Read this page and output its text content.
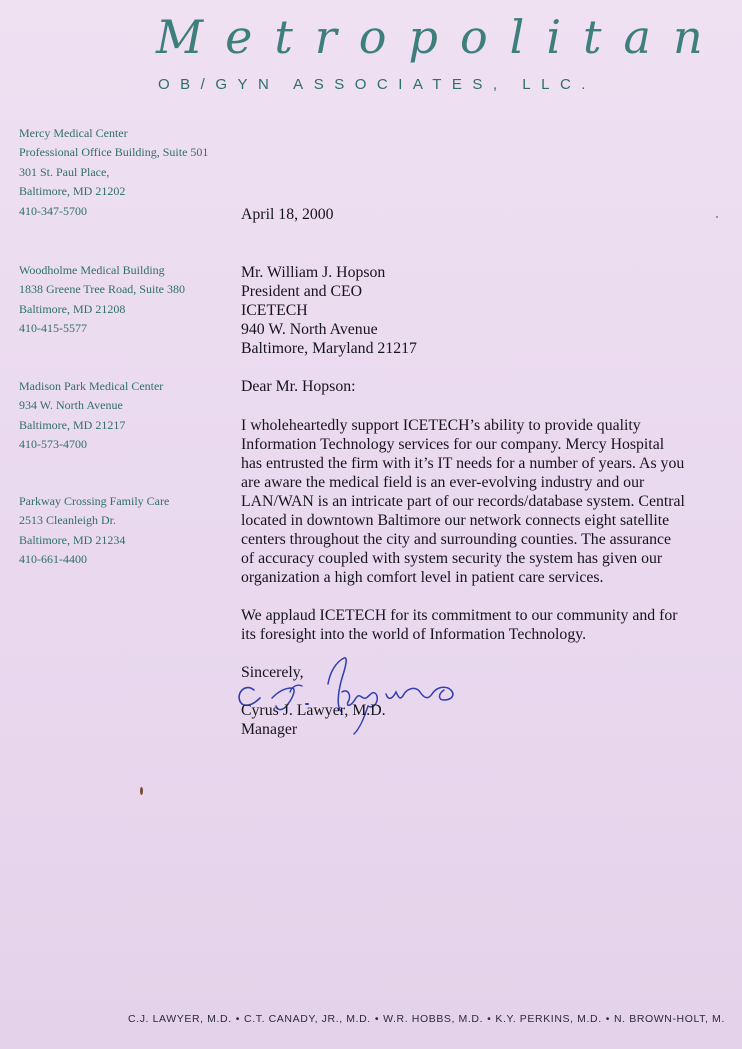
Metropolitan
OB/GYN ASSOCIATES, LLC.
Mercy Medical Center
Professional Office Building, Suite 501
301 St. Paul Place,
Baltimore, MD 21202
410-347-5700
Woodholme Medical Building
1838 Greene Tree Road, Suite 380
Baltimore, MD 21208
410-415-5577
Madison Park Medical Center
934 W. North Avenue
Baltimore, MD 21217
410-573-4700
Parkway Crossing Family Care
2513 Cleanleigh Dr.
Baltimore, MD 21234
410-661-4400
April 18, 2000
Mr. William J. Hopson
President and CEO
ICETECH
940 W. North Avenue
Baltimore, Maryland 21217
Dear Mr. Hopson:
I wholeheartedly support ICETECH’s ability to provide quality
Information Technology services for our company. Mercy Hospital
has entrusted the firm with it’s IT needs for a number of years. As you
are aware the medical field is an ever-evolving industry and our
LAN/WAN is an intricate part of our records/database system. Central
located in downtown Baltimore our network connects eight satellite
centers throughout the city and surrounding counties. The assurance
of accuracy coupled with system security the system has given our
organization a high comfort level in patient care services.
We applaud ICETECH for its commitment to our community and for
its foresight into the world of Information Technology.
Sincerely,
Cyrus J. Lawyer, M.D.
Manager
C.J. LAWYER, M.D. • C.T. CANADY, JR., M.D. • W.R. HOBBS, M.D. • K.Y. PERKINS, M.D. • N. BROWN-HOLT, M.
